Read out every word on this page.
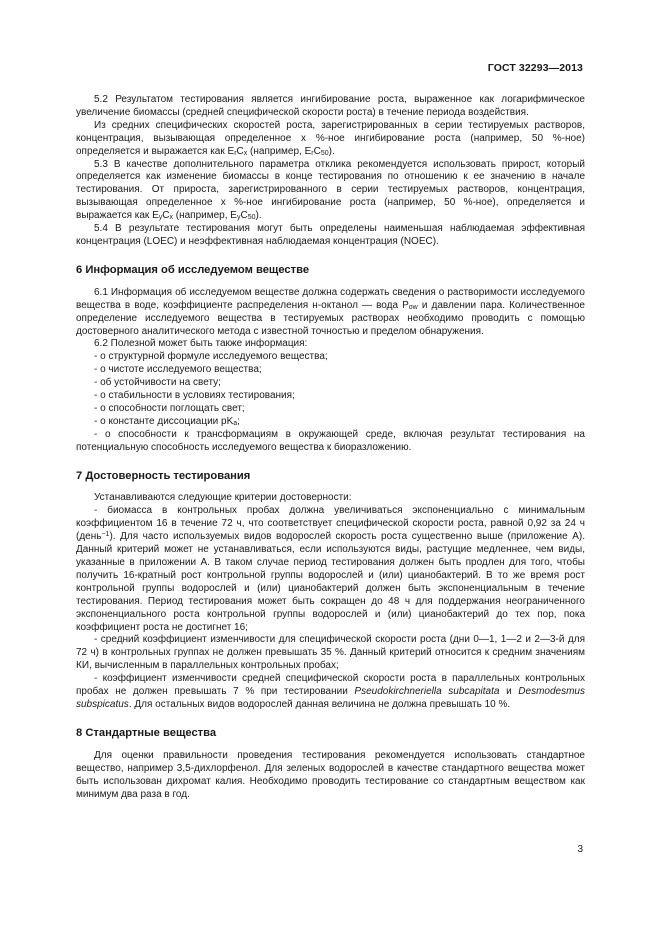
ГОСТ 32293—2013

5.2 Результатом тестирования является ингибирование роста, выраженное как логарифмическое увеличение биомассы (средней специфической скорости роста) в течение периода воздействия.

Из средних специфических скоростей роста, зарегистрированных в серии тестируемых растворов, концентрация, вызывающая определенное x %-ное ингибирование роста (например, 50 %-ное) определяется и выражается как $E_rC_x$ (например, $E_rC_{50}$).

5.3 В качестве дополнительного параметра отклика рекомендуется использовать прирост, который определяется как изменение биомассы в конце тестирования по отношению к ее значению в начале тестирования. От прироста, зарегистрированного в серии тестируемых растворов, концентрация, вызывающая определенное x %-ное ингибирование роста (например, 50 %-ное), определяется и выражается как $E_yC_x$ (например, $E_yC_{50}$).

5.4 В результате тестирования могут быть определены наименьшая наблюдаемая эффективная концентрация (LOEC) и неэффективная наблюдаемая концентрация (NOEC).

6 Информация об исследуемом веществе

6.1 Информация об исследуемом веществе должна содержать сведения о растворимости исследуемого вещества в воде, коэффициенте распределения н-октанол — вода $P_{ow}$ и давлении пара. Количественное определение исследуемого вещества в тестируемых растворах необходимо проводить с помощью достоверного аналитического метода с известной точностью и пределом обнаружения.

6.2 Полезной может быть также информация:

- о структурной формуле исследуемого вещества;

- о чистоте исследуемого вещества;

- об устойчивости на свету;

- о стабильности в условиях тестирования;

- о способности поглощать свет;

- о константе диссоциации $pK_a$;

- о способности к трансформациям в окружающей среде, включая результат тестирования на потенциальную способность исследуемого вещества к биоразложению.

7 Достоверность тестирования

Устанавливаются следующие критерии достоверности:

- биомасса в контрольных пробах должна увеличиваться экспоненциально с минимальным коэффициентом 16 в течение 72 ч, что соответствует специфической скорости роста, равной 0,92 за 24 ч (день$^{-1}$). Для часто используемых видов водорослей скорость роста существенно выше (приложение А). Данный критерий может не устанавливаться, если используются виды, растущие медленнее, чем виды, указанные в приложении А. В таком случае период тестирования должен быть продлен для того, чтобы получить 16-кратный рост контрольной группы водорослей и (или) цианобактерий. В то же время рост контрольной группы водорослей и (или) цианобактерий должен быть экспоненциальным в течение тестирования. Период тестирования может быть сокращен до 48 ч для поддержания неограниченного экспоненциального роста контрольной группы водорослей и (или) цианобактерий до тех пор, пока коэффициент роста не достигнет 16;

- средний коэффициент изменчивости для специфической скорости роста (дни 0—1, 1—2 и 2—3-й для 72 ч) в контрольных группах не должен превышать 35 %. Данный критерий относится к средним значениям КИ, вычисленным в параллельных контрольных пробах;

- коэффициент изменчивости средней специфической скорости роста в параллельных контрольных пробах не должен превышать 7 % при тестировании Pseudokirchneriella subcapitata и Desmodesmus subspicatus. Для остальных видов водорослей данная величина не должна превышать 10 %.

8 Стандартные вещества

Для оценки правильности проведения тестирования рекомендуется использовать стандартное вещество, например 3,5-дихлорфенол. Для зеленых водорослей в качестве стандартного вещества может быть использован дихромат калия. Необходимо проводить тестирование со стандартным веществом как минимум два раза в год.

3
